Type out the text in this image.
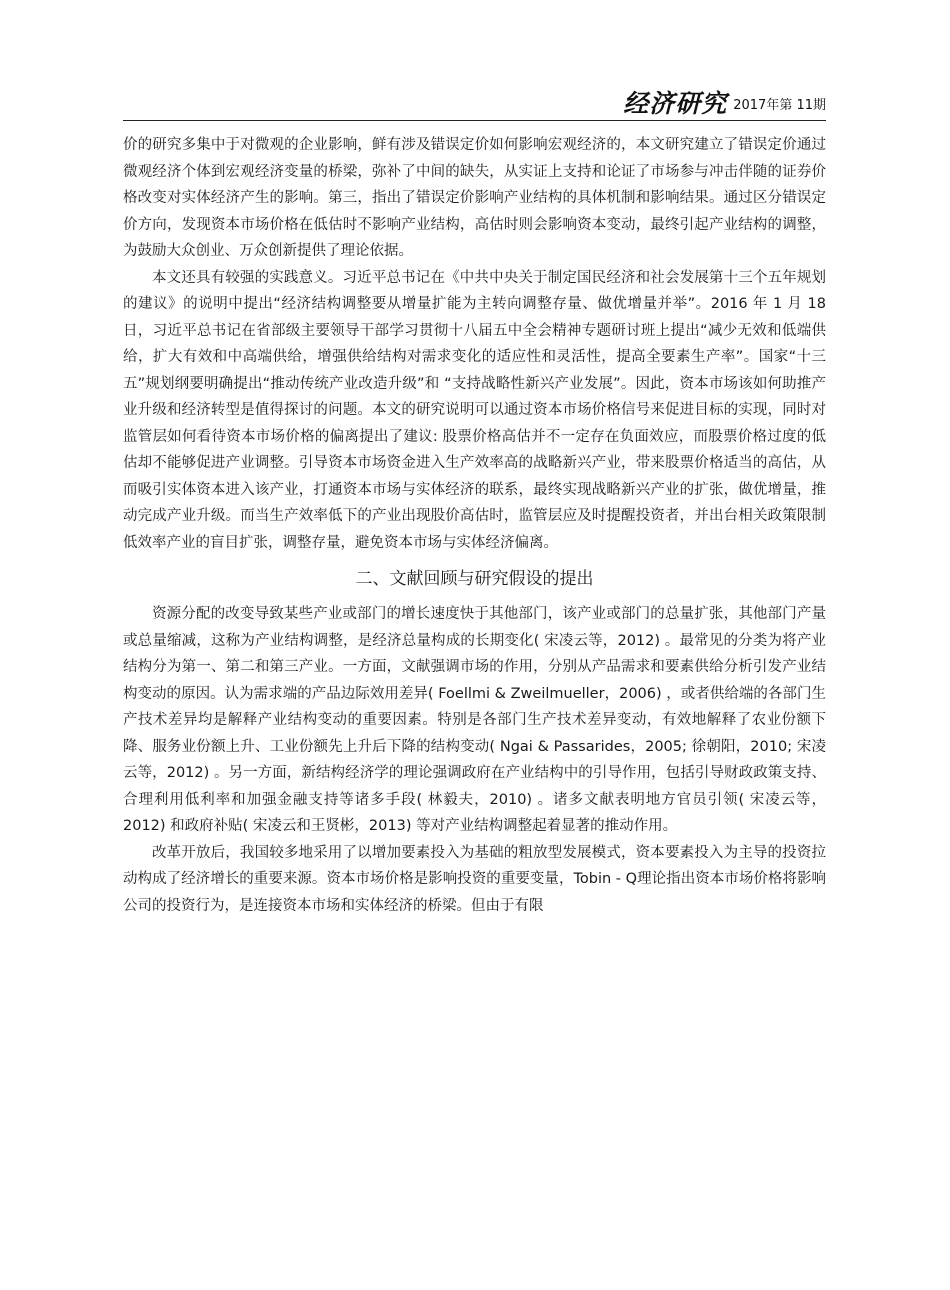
经济研究 2017年第 11期

价的研究多集中于对微观的企业影响，鲜有涉及错误定价如何影响宏观经济的，本文研究建立了错误定价通过微观经济个体到宏观经济变量的桥梁，弥补了中间的缺失，从实证上支持和论证了市场参与冲击伴随的证券价格改变对实体经济产生的影响。第三，指出了错误定价影响产业结构的具体机制和影响结果。通过区分错误定价方向，发现资本市场价格在低估时不影响产业结构，高估时则会影响资本变动，最终引起产业结构的调整，为鼓励大众创业、万众创新提供了理论依据。

本文还具有较强的实践意义。习近平总书记在《中共中央关于制定国民经济和社会发展第十三个五年规划的建议》的说明中提出“经济结构调整要从增量扩能为主转向调整存量、做优增量并举”。2016 年 1 月 18 日，习近平总书记在省部级主要领导干部学习贯彻十八届五中全会精神专题研讨班上提出“减少无效和低端供给，扩大有效和中高端供给，增强供给结构对需求变化的适应性和灵活性，提高全要素生产率”。国家“十三五”规划纲要明确提出“推动传统产业改造升级”和 “支持战略性新兴产业发展”。因此，资本市场该如何助推产业升级和经济转型是值得探讨的问题。本文的研究说明可以通过资本市场价格信号来促进目标的实现，同时对监管层如何看待资本市场价格的偏离提出了建议: 股票价格高估并不一定存在负面效应，而股票价格过度的低估却不能够促进产业调整。引导资本市场资金进入生产效率高的战略新兴产业，带来股票价格适当的高估，从而吸引实体资本进入该产业，打通资本市场与实体经济的联系，最终实现战略新兴产业的扩张，做优增量，推动完成产业升级。而当生产效率低下的产业出现股价高估时，监管层应及时提醒投资者，并出台相关政策限制低效率产业的盲目扩张，调整存量，避免资本市场与实体经济偏离。

二、文献回顾与研究假设的提出

资源分配的改变导致某些产业或部门的增长速度快于其他部门，该产业或部门的总量扩张，其他部门产量或总量缩减，这称为产业结构调整，是经济总量构成的长期变化( 宋凌云等，2012) 。最常见的分类为将产业结构分为第一、第二和第三产业。一方面，文献强调市场的作用，分别从产品需求和要素供给分析引发产业结构变动的原因。认为需求端的产品边际效用差异( Foellmi & Zweilmueller，2006) ，或者供给端的各部门生产技术差异均是解释产业结构变动的重要因素。特别是各部门生产技术差异变动，有效地解释了农业份额下降、服务业份额上升、工业份额先上升后下降的结构变动( Ngai & Passarides，2005; 徐朝阳，2010; 宋凌云等，2012) 。另一方面，新结构经济学的理论强调政府在产业结构中的引导作用，包括引导财政政策支持、合理利用低利率和加强金融支持等诸多手段( 林毅夫，2010) 。诸多文献表明地方官员引领( 宋凌云等，2012) 和政府补贴( 宋凌云和王贤彬，2013) 等对产业结构调整起着显著的推动作用。

改革开放后，我国较多地采用了以增加要素投入为基础的粗放型发展模式，资本要素投入为主导的投资拉动构成了经济增长的重要来源。资本市场价格是影响投资的重要变量，Tobin - Q理论指出资本市场价格将影响公司的投资行为，是连接资本市场和实体经济的桥梁。但由于有限
